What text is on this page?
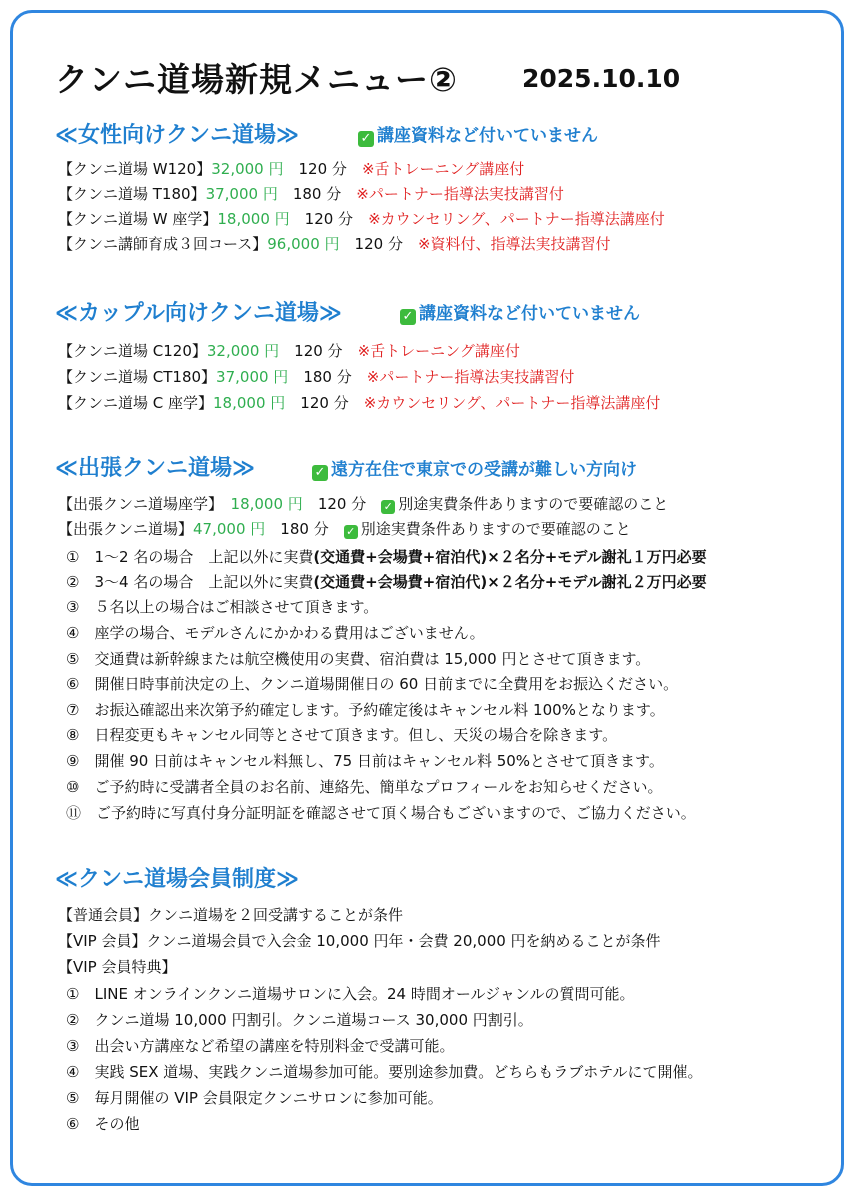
クンニ道場新規メニュー②	2025.10.10
≪女性向けクンニ道場≫	✓ 講座資料など付いていません
【クンニ道場 W120】32,000 円　 120 分　 ※舌トレーニング講座付
【クンニ道場 T180】37,000 円　 180 分　 ※パートナー指導法実技講習付
【クンニ道場 W 座学】18,000 円　 120 分　 ※カウンセリング、パートナー指導法講座付
【クンニ講師育成３回コース】96,000 円　 120 分　 ※資料付、指導法実技講習付
≪カップル向けクンニ道場≫	✓ 講座資料など付いていません
【クンニ道場 C120】32,000 円　 120 分　 ※舌トレーニング講座付
【クンニ道場 CT180】37,000 円　 180 分　 ※パートナー指導法実技講習付
【クンニ道場 C 座学】18,000 円　 120 分　 ※カウンセリング、パートナー指導法講座付
≪出張クンニ道場≫	✓ 遠方在住で東京での受講が難しい方向け
【出張クンニ道場座学】　 18,000 円　 120 分　 ✓ 別途実費条件ありますので要確認のこと
【出張クンニ道場】47,000 円　 180 分　 ✓ 別途実費条件ありますので要確認のこと
①　 1～2 名の場合　上記以外に実費(交通費+会場費+宿泊代)×２名分+モデル謝礼１万円必要
②　 3～4 名の場合　上記以外に実費(交通費+会場費+宿泊代)×２名分+モデル謝礼２万円必要
③　 ５名以上の場合はご相談させて頂きます。
④　 座学の場合、モデルさんにかかわる費用はございません。
⑤　 交通費は新幹線または航空機使用の実費、宿泊費は 15,000 円とさせて頂きます。
⑥　 開催日時事前決定の上、クンニ道場開催日の 60 日前までに全費用をお振込ください。
⑦　 お振込確認出来次第予約確定します。予約確定後はキャンセル料 100%となります。
⑧　 日程変更もキャンセル同等とさせて頂きます。但し、天災の場合を除きます。
⑨　 開催 90 日前はキャンセル料無し、75 日前はキャンセル料 50%とさせて頂きます。
⑩　 ご予約時に受講者全員のお名前、連絡先、簡単なプロフィールをお知らせください。
⑪　 ご予約時に写真付身分証明証を確認させて頂く場合もございますので、ご協力ください。
≪クンニ道場会員制度≫
【普通会員】クンニ道場を２回受講することが条件
【VIP 会員】クンニ道場会員で入会金 10,000 円年・会費 20,000 円を納めることが条件
【VIP 会員特典】
①　 LINE オンラインクンニ道場サロンに入会。24 時間オールジャンルの質問可能。
②　 クンニ道場 10,000 円割引。クンニ道場コース 30,000 円割引。
③　 出会い方講座など希望の講座を特別料金で受講可能。
④　 実践 SEX 道場、実践クンニ道場参加可能。要別途参加費。どちらもラブホテルにて開催。
⑤　 毎月開催の VIP 会員限定クンニサロンに参加可能。
⑥　 その他
